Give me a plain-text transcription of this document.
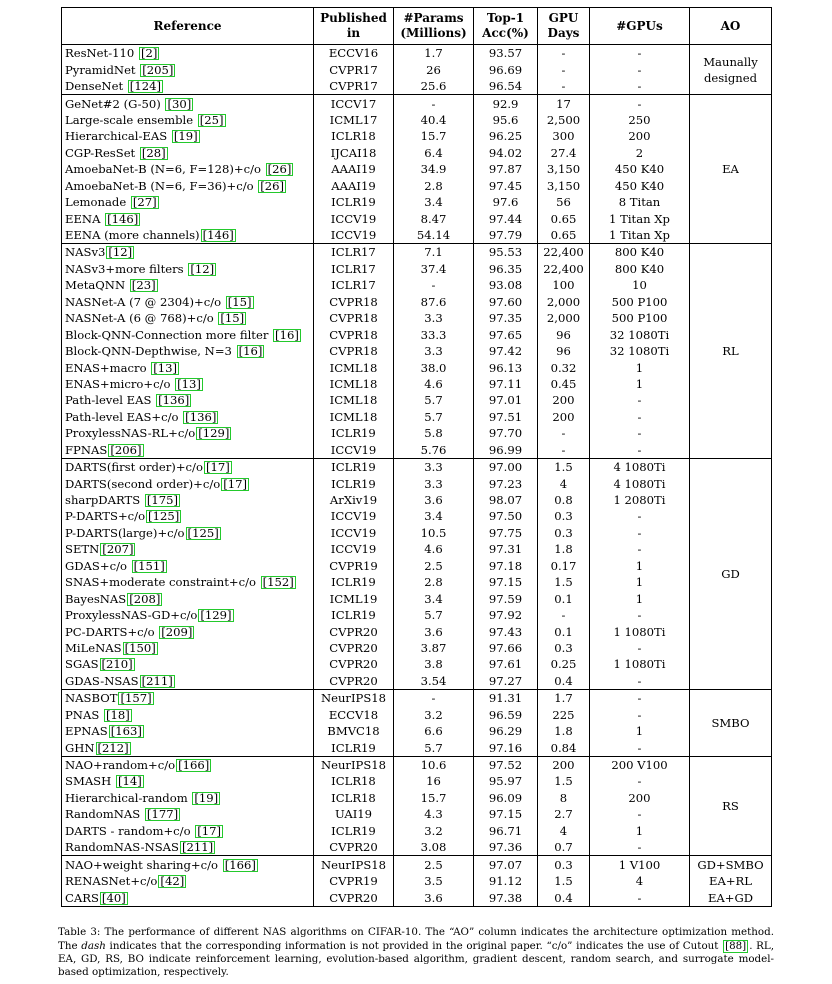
Reference	Published in	#Params (Millions)	Top-1 Acc(%)	GPU Days	#GPUs	AO
ResNet-110 [2]	ECCV16	1.7	93.57	-	-	Maunally designed
PyramidNet [205]	CVPR17	26	96.69	-	-	
DenseNet [124]	CVPR17	25.6	96.54	-	-	
GeNet#2 (G-50) [30]	ICCV17	-	92.9	17	-	EA
Large-scale ensemble [25]	ICML17	40.4	95.6	2,500	250	
Hierarchical-EAS [19]	ICLR18	15.7	96.25	300	200	
CGP-ResSet [28]	IJCAI18	6.4	94.02	27.4	2	
AmoebaNet-B (N=6, F=128)+c/o [26]	AAAI19	34.9	97.87	3,150	450 K40	
AmoebaNet-B (N=6, F=36)+c/o [26]	AAAI19	2.8	97.45	3,150	450 K40	
Lemonade [27]	ICLR19	3.4	97.6	56	8 Titan	
EENA [146]	ICCV19	8.47	97.44	0.65	1 Titan Xp	
EENA (more channels) [146]	ICCV19	54.14	97.79	0.65	1 Titan Xp	
NASv3 [12]	ICLR17	7.1	95.53	22,400	800 K40	RL
NASv3+more filters [12]	ICLR17	37.4	96.35	22,400	800 K40	
MetaQNN [23]	ICLR17	-	93.08	100	10	
NASNet-A (7 @ 2304)+c/o [15]	CVPR18	87.6	97.60	2,000	500 P100	
NASNet-A (6 @ 768)+c/o [15]	CVPR18	3.3	97.35	2,000	500 P100	
Block-QNN-Connection more filter [16]	CVPR18	33.3	97.65	96	32 1080Ti	
Block-QNN-Depthwise, N=3 [16]	CVPR18	3.3	97.42	96	32 1080Ti	
ENAS+macro [13]	ICML18	38.0	96.13	0.32	1	
ENAS+micro+c/o [13]	ICML18	4.6	97.11	0.45	1	
Path-level EAS [136]	ICML18	5.7	97.01	200	-	
Path-level EAS+c/o [136]	ICML18	5.7	97.51	200	-	
ProxylessNAS-RL+c/o [129]	ICLR19	5.8	97.70	-	-	
FPNAS [206]	ICCV19	5.76	96.99	-	-	
DARTS(first order)+c/o [17]	ICLR19	3.3	97.00	1.5	4 1080Ti	GD
DARTS(second order)+c/o [17]	ICLR19	3.3	97.23	4	4 1080Ti	
sharpDARTS [175]	ArXiv19	3.6	98.07	0.8	1 2080Ti	
P-DARTS+c/o [125]	ICCV19	3.4	97.50	0.3	-	
P-DARTS(large)+c/o [125]	ICCV19	10.5	97.75	0.3	-	
SETN [207]	ICCV19	4.6	97.31	1.8	-	
GDAS+c/o [151]	CVPR19	2.5	97.18	0.17	1	
SNAS+moderate constraint+c/o [152]	ICLR19	2.8	97.15	1.5	1	
BayesNAS [208]	ICML19	3.4	97.59	0.1	1	
ProxylessNAS-GD+c/o [129]	ICLR19	5.7	97.92	-	-	
PC-DARTS+c/o [209]	CVPR20	3.6	97.43	0.1	1 1080Ti	
MiLeNAS [150]	CVPR20	3.87	97.66	0.3	-	
SGAS [210]	CVPR20	3.8	97.61	0.25	1 1080Ti	
GDAS-NSAS [211]	CVPR20	3.54	97.27	0.4	-	
NASBOT [157]	NeurIPS18	-	91.31	1.7	-	SMBO
PNAS [18]	ECCV18	3.2	96.59	225	-	
EPNAS [163]	BMVC18	6.6	96.29	1.8	1	
GHN [212]	ICLR19	5.7	97.16	0.84	-	
NAO+random+c/o [166]	NeurIPS18	10.6	97.52	200	200 V100	RS
SMASH [14]	ICLR18	16	95.97	1.5	-	
Hierarchical-random [19]	ICLR18	15.7	96.09	8	200	
RandomNAS [177]	UAI19	4.3	97.15	2.7	-	
DARTS - random+c/o [17]	ICLR19	3.2	96.71	4	1	
RandomNAS-NSAS [211]	CVPR20	3.08	97.36	0.7	-	
NAO+weight sharing+c/o [166]	NeurIPS18	2.5	97.07	0.3	1 V100	GD+SMBO
RENASNet+c/o [42]	CVPR19	3.5	91.12	1.5	4	EA+RL
CARS [40]	CVPR20	3.6	97.38	0.4	-	EA+GD

Table 3: The performance of different NAS algorithms on CIFAR-10. The “AO” column indicates the architecture optimization method. The dash indicates that the corresponding information is not provided in the original paper. “c/o” indicates the use of Cutout [88] . RL, EA, GD, RS, BO indicate reinforcement learning, evolution-based algorithm, gradient descent, random search, and surrogate model-based optimization, respectively.
